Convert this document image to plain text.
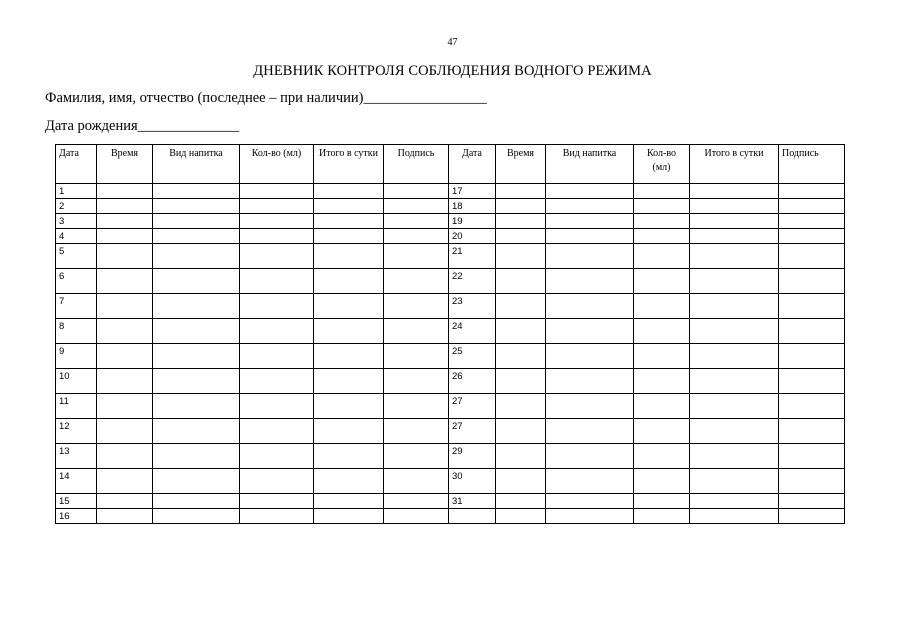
47
ДНЕВНИК КОНТРОЛЯ СОБЛЮДЕНИЯ ВОДНОГО РЕЖИМА
Фамилия, имя, отчество (последнее – при наличии)_________________
Дата рождения______________
Дата	Время	Вид напитка	Кол-во (мл)	Итого в сутки	Подпись	Дата	Время	Вид напитка	Кол-во (мл)	Итого в сутки	Подпись
1						17					
2						18					
3						19					
4						20					
5						21					
6						22					
7						23					
8						24					
9						25					
10						26					
11						27					
12						27					
13						29					
14						30					
15						31					
16											
